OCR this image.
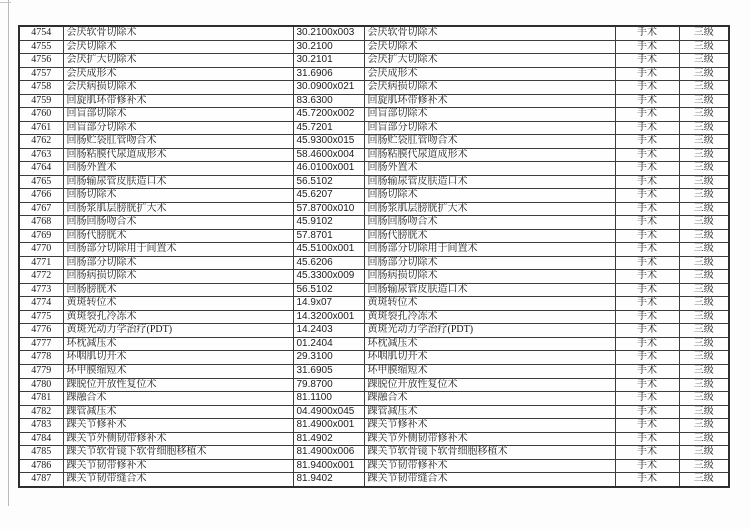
4754	会厌软骨切除术	30.2100x003	会厌软骨切除术	手术	三级
4755	会厌切除术	30.2100	会厌切除术	手术	三级
4756	会厌扩大切除术	30.2101	会厌扩大切除术	手术	三级
4757	会厌成形术	31.6906	会厌成形术	手术	三级
4758	会厌病损切除术	30.0900x021	会厌病损切除术	手术	三级
4759	回旋肌环带修补术	83.6300	回旋肌环带修补术	手术	三级
4760	回盲部切除术	45.7200x002	回盲部切除术	手术	三级
4761	回盲部分切除术	45.7201	回盲部分切除术	手术	三级
4762	回肠贮袋肛管吻合术	45.9300x015	回肠贮袋肛管吻合术	手术	三级
4763	回肠粘膜代尿道成形术	58.4600x004	回肠粘膜代尿道成形术	手术	三级
4764	回肠外置术	46.0100x001	回肠外置术	手术	三级
4765	回肠输尿管皮肤造口术	56.5102	回肠输尿管皮肤造口术	手术	三级
4766	回肠切除术	45.6207	回肠切除术	手术	三级
4767	回肠浆肌层膀胱扩大术	57.8700x010	回肠浆肌层膀胱扩大术	手术	三级
4768	回肠回肠吻合术	45.9102	回肠回肠吻合术	手术	三级
4769	回肠代膀胱术	57.8701	回肠代膀胱术	手术	三级
4770	回肠部分切除用于间置术	45.5100x001	回肠部分切除用于间置术	手术	三级
4771	回肠部分切除术	45.6206	回肠部分切除术	手术	三级
4772	回肠病损切除术	45.3300x009	回肠病损切除术	手术	三级
4773	回肠膀胱术	56.5102	回肠输尿管皮肤造口术	手术	三级
4774	黄斑转位术	14.9x07	黄斑转位术	手术	三级
4775	黄斑裂孔冷冻术	14.3200x001	黄斑裂孔冷冻术	手术	三级
4776	黄斑光动力学治疗(PDT)	14.2403	黄斑光动力学治疗(PDT)	手术	三级
4777	环枕减压术	01.2404	环枕减压术	手术	三级
4778	环咽肌切开术	29.3100	环咽肌切开术	手术	三级
4779	环甲膜缩短术	31.6905	环甲膜缩短术	手术	三级
4780	踝脱位开放性复位术	79.8700	踝脱位开放性复位术	手术	三级
4781	踝融合术	81.1100	踝融合术	手术	三级
4782	踝管减压术	04.4900x045	踝管减压术	手术	三级
4783	踝关节修补术	81.4900x001	踝关节修补术	手术	三级
4784	踝关节外侧韧带修补术	81.4902	踝关节外侧韧带修补术	手术	三级
4785	踝关节软骨镜下软骨细胞移植术	81.4900x006	踝关节软骨镜下软骨细胞移植术	手术	三级
4786	踝关节韧带修补术	81.9400x001	踝关节韧带修补术	手术	三级
4787	踝关节韧带缝合术	81.9402	踝关节韧带缝合术	手术	三级
